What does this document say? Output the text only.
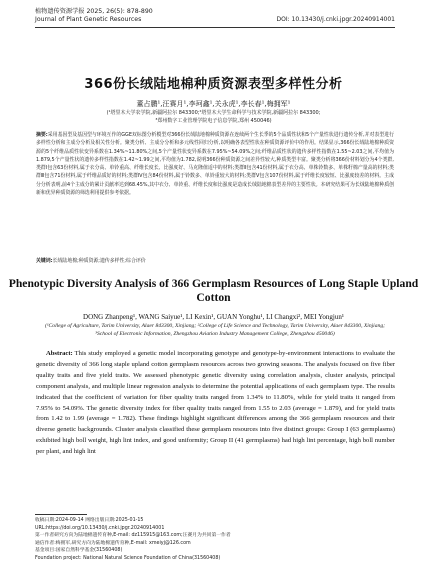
植物遗传资源学报 2025, 26(5): 878-890
Journal of Plant Genetic Resources	DOI: 10.13430/j.cnki.jpgr.20240914001
366份长绒陆地棉种质资源表型多样性分析
董占鹏¹,汪赛月¹,李珂鑫¹,关永虎¹,李长春¹,梅拥军¹
(¹塔里木大学农学院,新疆阿拉尔 843300;²塔里木大学生命科学与技术学院,新疆阿拉尔 843300;
³郑州数字工业管理学院电子信息学院,郑州 450046)
摘要:采用基因型及基因型与环境互作的GGE双标图分析模型对366份长绒陆地棉种质资源在连续两个生长季的5个品质性状和5个产量性状进行遗传分析,并对表型进行多样性分析和主成分分析及相关性分析。聚类分析、主成分分析和多元线性回归分析,以明确各表型性状在种质资源评价中的作用。结果显示,366份长绒陆地棉种质资源的5个纤维品质性状变异系数在1.34%~11.80%之间,5个产量性状变异系数在7.95%~54.09%之间;纤维品质性状的遗传多样性指数在1.55~2.03之间,平均值为1.879,5个产量性状的遗传多样性指数在1.42~1.99之间,平均值为1.782,说明366份种质资源之间差异性较大,种质类型丰富。聚类分析将366份材料划分为4个类群,类群Ⅰ包含63份材料,属于衣分高、单铃重高、纤维长度长、比强度好、马克隆值适中的材料;类群Ⅱ包含41份材料,属于衣分高、单株铃数多、单株籽棉产量高的材料;类群Ⅲ包含71份材料,属于纤维品质好的材料;类群Ⅳ包含84份材料,属于铃数多、单铃重较大的材料;类群Ⅴ包含107份材料,属于纤维长度较短、比强度较差的材料。主成分分析表明,前4个主成分的累计贡献率达到68.45%,其中衣分、单铃重、纤维长度和比强度是造成长绒陆地棉表型差异的主要性状。本研究结果可为长绒陆地棉种质创新和优异种质资源的筛选利用提供参考依据。
关键词:长绒陆地棉;种质资源;遗传多样性;综合评价
Phenotypic Diversity Analysis of 366 Germplasm Resources of Long Staple Upland Cotton
DONG Zhanpeng¹, WANG Saiyue¹, LI Kexin¹, GUAN Yonghu¹, LI Changxi², MEI Yongjun¹
(¹College of Agriculture, Tarim University, Alaer 843300, Xinjiang; ²College of Life Science and Technology, Tarim University, Alaer 843300, Xinjiang; ³School of Electronic Information, Zhengzhou Aviation Industry Management College, Zhengzhou 450046)
Abstract: This study employed a genetic model incorporating genotype and genotype-by-environment interactions to evaluate the genetic diversity of 366 long staple upland cotton germplasm resources across two growing seasons. The analysis focused on five fiber quality traits and five yield traits. We assessed phenotypic genetic diversity using correlation analysis, cluster analysis, principal component analysis, and multiple linear regression analysis to determine the potential applications of each germplasm type. The results indicated that the coefficient of variation for fiber quality traits ranged from 1.34% to 11.80%, while for yield traits it ranged from 7.95% to 54.09%. The genetic diversity index for fiber quality traits ranged from 1.55 to 2.03 (average = 1.879), and for yield traits from 1.42 to 1.99 (average = 1.782). These findings highlight significant differences among the 366 germplasm resources and their diverse genetic backgrounds. Cluster analysis classified these germplasm resources into five distinct groups: Group I (63 germplasms) exhibited high boll weight, high lint index, and good uniformity; Group II (41 germplasms) had high lint percentage, high boll number per plant, and high lint
收稿日期:2024-09-14 网络出版日期:2025-01-15
URL:https://doi.org/10.13430/j.cnki.jpgr.20240914001
第一作者研究方向为陆地棉遗传育种,E-mail: dz115915@163.com;汪赛月为共同第一作者
通信作者:梅拥军,研究方向为陆地棉遗传育种,E-mail: xmeiyj@126.com
基金项目:国家自然科学基金(31560408)
Foundation project: National Natural Science Foundation of China(31560408)
